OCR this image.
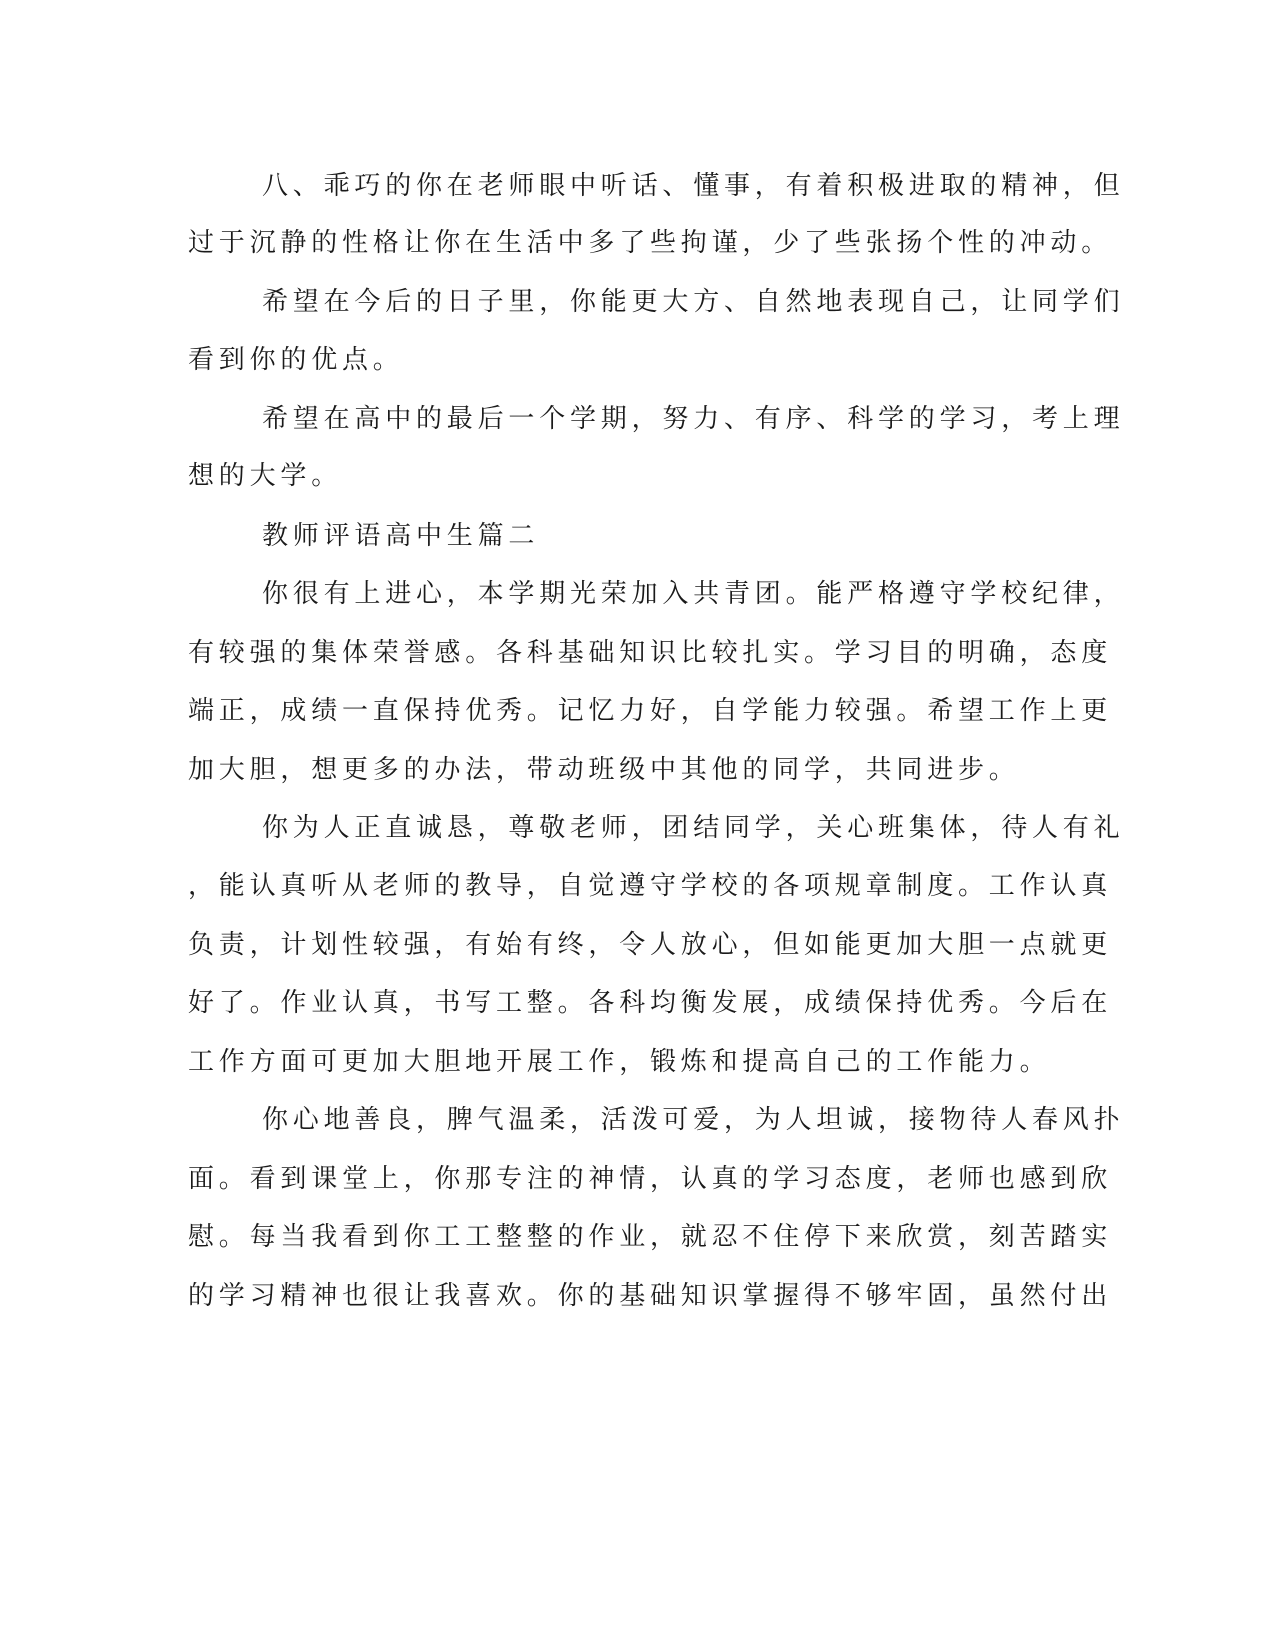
八、乖巧的你在老师眼中听话、懂事，有着积极进取的精神，但
过于沉静的性格让你在生活中多了些拘谨，少了些张扬个性的冲动。
希望在今后的日子里，你能更大方、自然地表现自己，让同学们
看到你的优点。
希望在高中的最后一个学期，努力、有序、科学的学习，考上理
想的大学。
教师评语高中生篇二
你很有上进心，本学期光荣加入共青团。能严格遵守学校纪律，
有较强的集体荣誉感。各科基础知识比较扎实。学习目的明确，态度
端正，成绩一直保持优秀。记忆力好，自学能力较强。希望工作上更
加大胆，想更多的办法，带动班级中其他的同学，共同进步。
你为人正直诚恳，尊敬老师，团结同学，关心班集体，待人有礼
，能认真听从老师的教导，自觉遵守学校的各项规章制度。工作认真
负责，计划性较强，有始有终，令人放心，但如能更加大胆一点就更
好了。作业认真，书写工整。各科均衡发展，成绩保持优秀。今后在
工作方面可更加大胆地开展工作，锻炼和提高自己的工作能力。
你心地善良，脾气温柔，活泼可爱，为人坦诚，接物待人春风扑
面。看到课堂上，你那专注的神情，认真的学习态度，老师也感到欣
慰。每当我看到你工工整整的作业，就忍不住停下来欣赏，刻苦踏实
的学习精神也很让我喜欢。你的基础知识掌握得不够牢固，虽然付出
